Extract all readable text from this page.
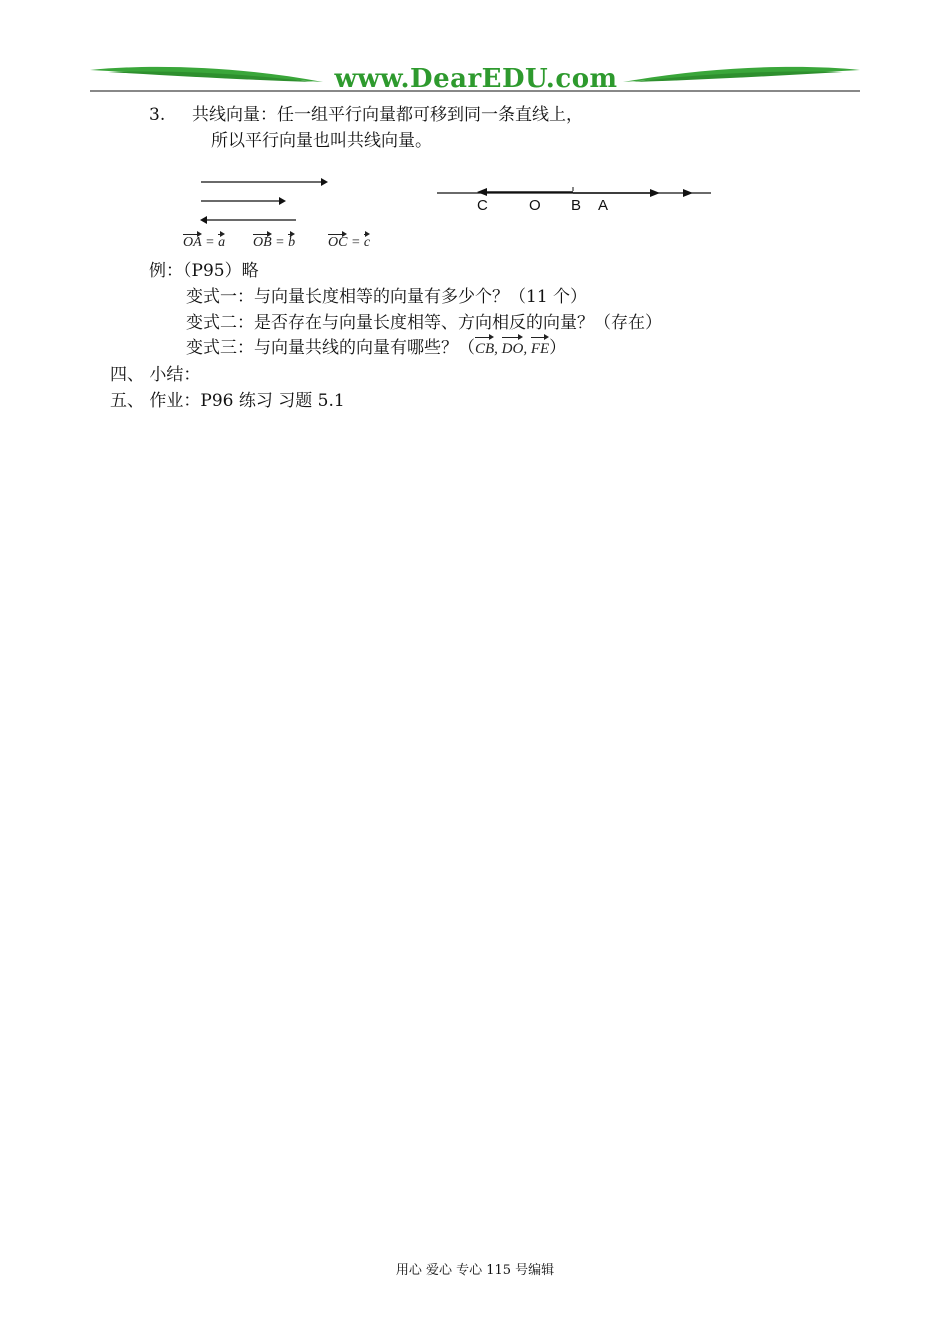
www.DearEDU.com
3. 共线向量：任一组平行向量都可移到同一条直线上，
所以平行向量也叫共线向量。
OA = a OB = b OC = c
C	O B A
例：（P95）略
变式一：与向量长度相等的向量有多少个？（11 个）
变式二：是否存在与向量长度相等、方向相反的向量？（存在）
变式三：与向量共线的向量有哪些？（CB, DO, FE）
四、 小结：
五、 作业：P96 练习 习题 5.1
用心 爱心 专心 115 号编辑
